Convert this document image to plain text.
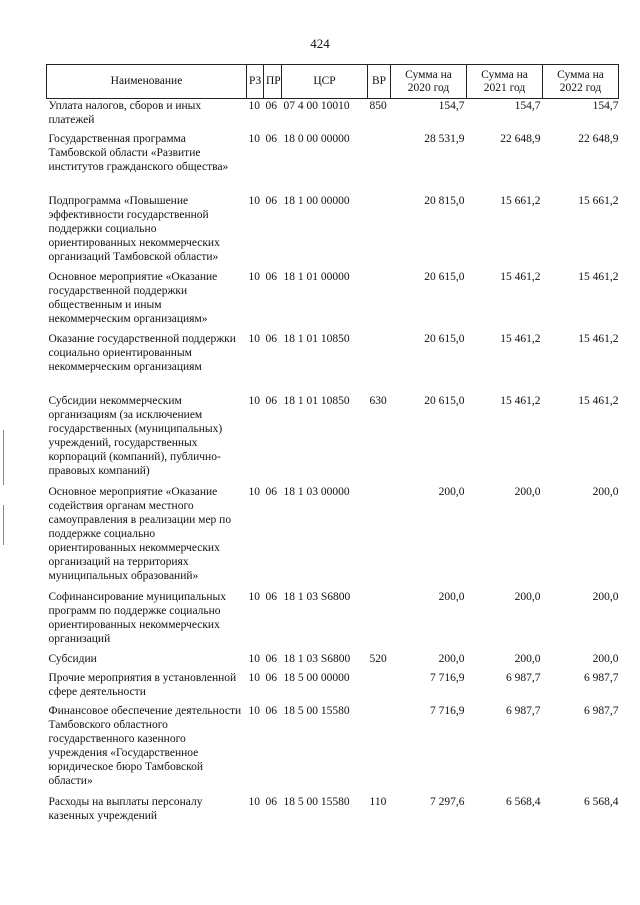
424
Наименование	РЗ	ПР	ЦСР	ВР	Сумма на 2020 год	Сумма на 2021 год	Сумма на 2022 год
Уплата налогов, сборов и иных платежей	10	06	07 4 00 10010	850	154,7	154,7	154,7
Государственная программа Тамбовской области «Развитие институтов гражданского общества»	10	06	18 0 00 00000		28 531,9	22 648,9	22 648,9
Подпрограмма «Повышение эффективности государственной поддержки социально ориентированных некоммерческих организаций Тамбовской области»	10	06	18 1 00 00000		20 815,0	15 661,2	15 661,2
Основное мероприятие «Оказание государственной поддержки общественным и иным некоммерческим организациям»	10	06	18 1 01 00000		20 615,0	15 461,2	15 461,2
Оказание государственной поддержки социально ориентированным некоммерческим организациям	10	06	18 1 01 10850		20 615,0	15 461,2	15 461,2
Субсидии некоммерческим организациям (за исключением государственных (муниципальных) учреждений, государственных корпораций (компаний), публично-правовых компаний)	10	06	18 1 01 10850	630	20 615,0	15 461,2	15 461,2
Основное мероприятие «Оказание содействия органам местного самоуправления в реализации мер по поддержке социально ориентированных некоммерческих организаций на территориях муниципальных образований»	10	06	18 1 03 00000		200,0	200,0	200,0
Софинансирование муниципальных программ по поддержке социально ориентированных некоммерческих организаций	10	06	18 1 03 S6800		200,0	200,0	200,0
Субсидии	10	06	18 1 03 S6800	520	200,0	200,0	200,0
Прочие мероприятия в установленной сфере деятельности	10	06	18 5 00 00000		7 716,9	6 987,7	6 987,7
Финансовое обеспечение деятельности Тамбовского областного государственного казенного учреждения «Государственное юридическое бюро Тамбовской области»	10	06	18 5 00 15580		7 716,9	6 987,7	6 987,7
Расходы на выплаты персоналу казенных учреждений	10	06	18 5 00 15580	110	7 297,6	6 568,4	6 568,4
